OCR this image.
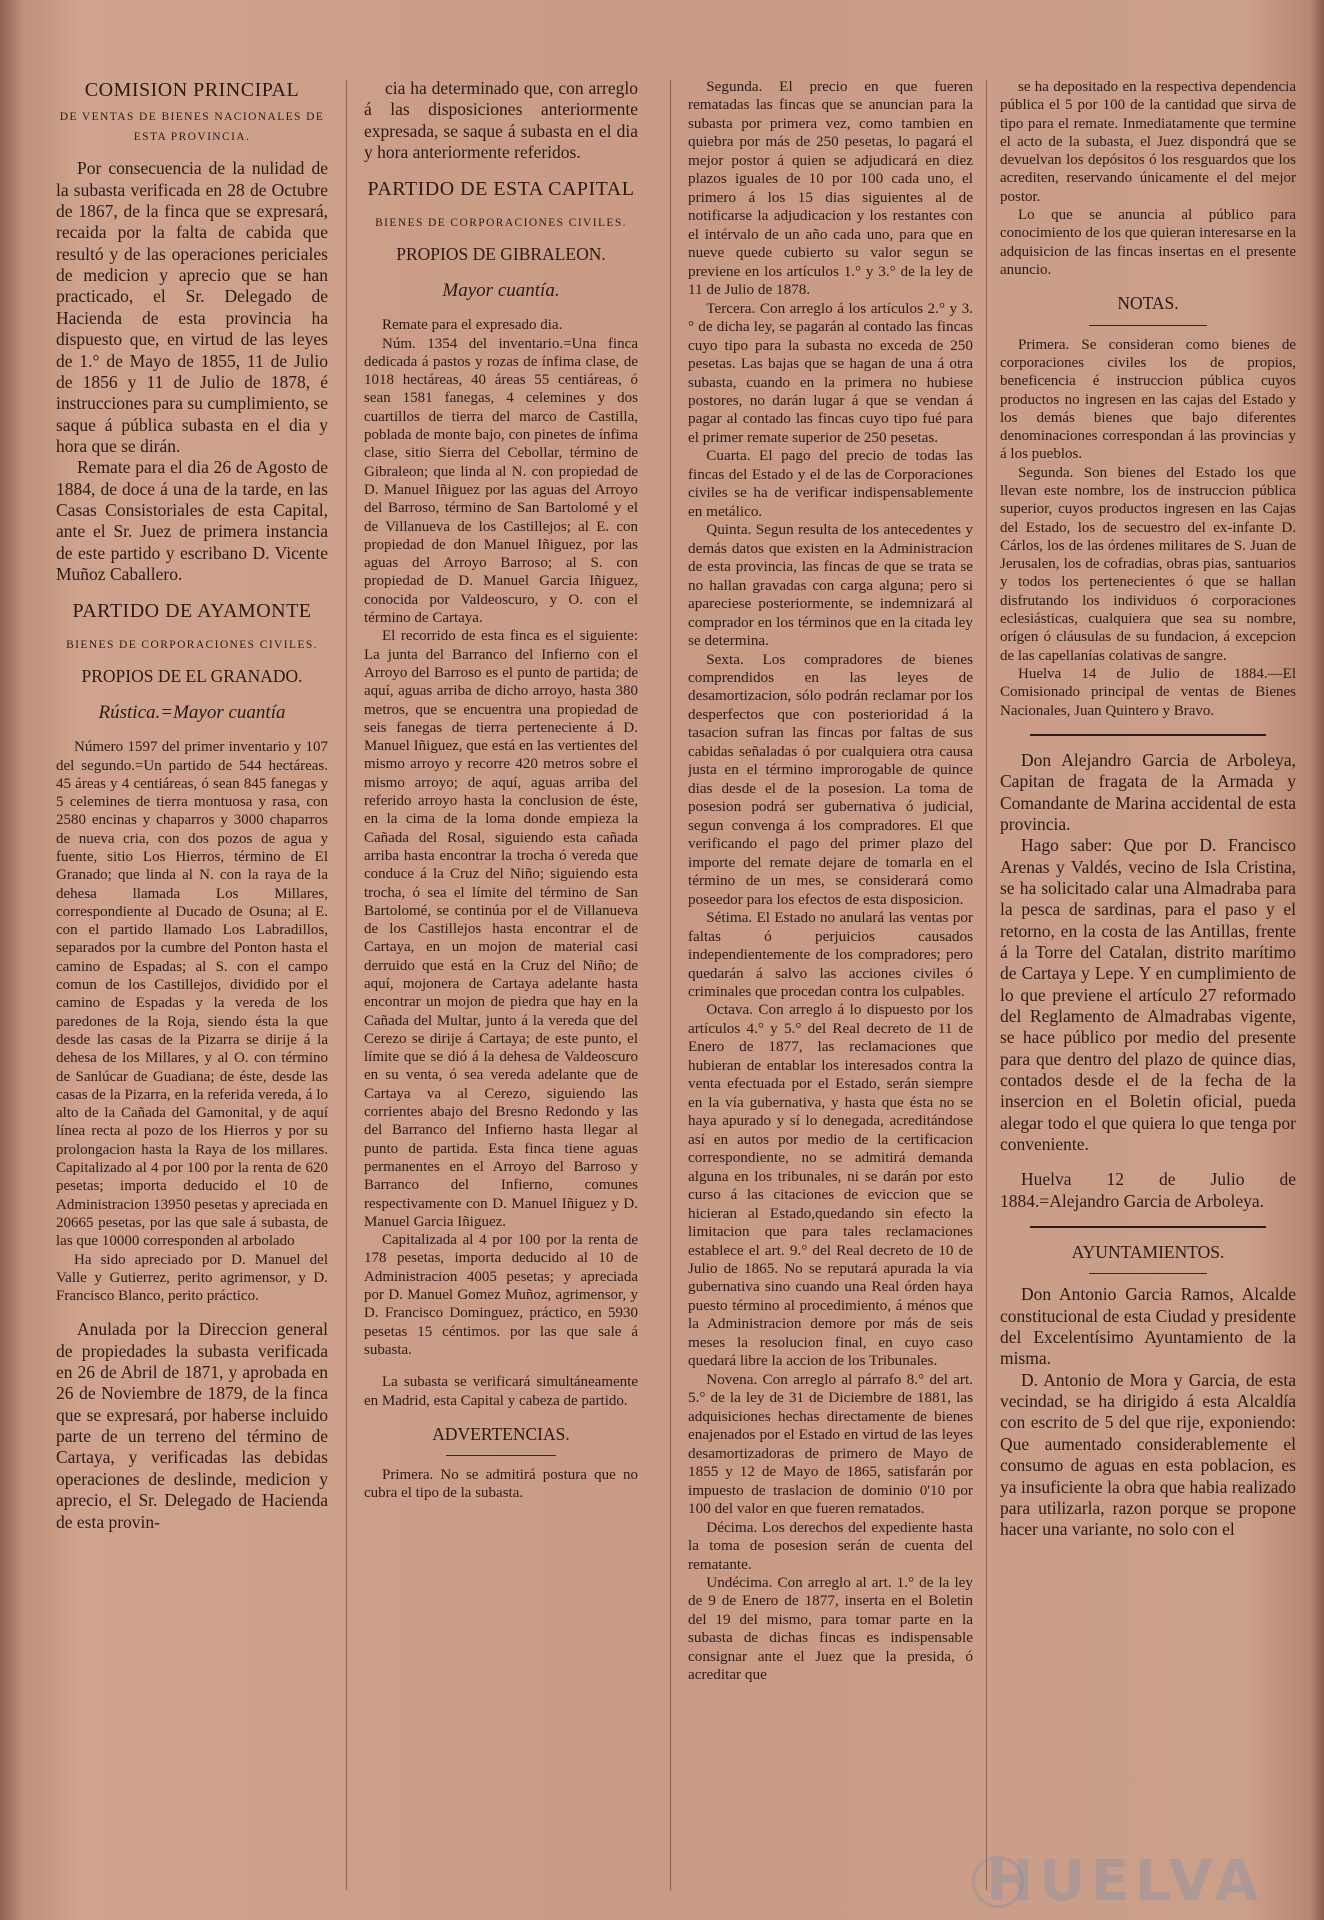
COMISION PRINCIPAL

DE VENTAS DE BIENES NACIONALES DE

ESTA PROVINCIA.

Por consecuencia de la nulidad de la subasta verificada en 28 de Octubre de 1867, de la finca que se expresará, recaida por la falta de cabida que resultó y de las operaciones periciales de medicion y aprecio que se han practicado, el Sr. Delegado de Hacienda de esta provincia ha dispuesto que, en virtud de las leyes de 1.° de Mayo de 1855, 11 de Julio de 1856 y 11 de Julio de 1878, é instrucciones para su cumplimiento, se saque á pública subasta en el dia y hora que se dirán.

Remate para el dia 26 de Agosto de 1884, de doce á una de la tarde, en las Casas Consistoriales de esta Capital, ante el Sr. Juez de primera instancia de este partido y escribano D. Vicente Muñoz Caballero.

PARTIDO DE AYAMONTE

BIENES DE CORPORACIONES CIVILES.

PROPIOS DE EL GRANADO.

Rústica.=Mayor cuantía

Número 1597 del primer inventario y 107 del segundo.=Un partido de 544 hectáreas. 45 áreas y 4 centiáreas, ó sean 845 fanegas y 5 celemines de tierra montuosa y rasa, con 2580 encinas y chaparros y 3000 chaparros de nueva cria, con dos pozos de agua y fuente, sitio Los Hierros, término de El Granado; que linda al N. con la raya de la dehesa llamada Los Millares, correspondiente al Ducado de Osuna; al E. con el partido llamado Los Labradillos, separados por la cumbre del Ponton hasta el camino de Espadas; al S. con el campo comun de los Castillejos, dividido por el camino de Espadas y la vereda de los paredones de la Roja, siendo ésta la que desde las casas de la Pizarra se dirije á la dehesa de los Millares, y al O. con término de Sanlúcar de Guadiana; de éste, desde las casas de la Pizarra, en la referida vereda, á lo alto de la Cañada del Gamonital, y de aquí línea recta al pozo de los Hierros y por su prolongacion hasta la Raya de los millares. Capitalizado al 4 por 100 por la renta de 620 pesetas; importa deducido el 10 de Administracion 13950 pesetas y apreciada en 20665 pesetas, por las que sale á subasta, de las que 10000 corresponden al arbolado

Ha sido apreciado por D. Manuel del Valle y Gutierrez, perito agrimensor, y D. Francisco Blanco, perito práctico.

Anulada por la Direccion general de propiedades la subasta verificada en 26 de Abril de 1871, y aprobada en 26 de Noviembre de 1879, de la finca que se expresará, por haberse incluido parte de un terreno del término de Cartaya, y verificadas las debidas operaciones de deslinde, medicion y aprecio, el Sr. Delegado de Hacienda de esta provin-

cia ha determinado que, con arreglo á las disposiciones anteriormente expresada, se saque á subasta en el dia y hora anteriormente referidos.

PARTIDO DE ESTA CAPITAL

BIENES DE CORPORACIONES CIVILES.

PROPIOS DE GIBRALEON.

Mayor cuantía.

Remate para el expresado dia.

Núm. 1354 del inventario.=Una finca dedicada á pastos y rozas de ínfima clase, de 1018 hectáreas, 40 áreas 55 centiáreas, ó sean 1581 fanegas, 4 celemines y dos cuartillos de tierra del marco de Castilla, poblada de monte bajo, con pinetes de ínfima clase, sitio Sierra del Cebollar, término de Gibraleon; que linda al N. con propiedad de D. Manuel Iñiguez por las aguas del Arroyo del Barroso, término de San Bartolomé y el de Villanueva de los Castillejos; al E. con propiedad de don Manuel Iñiguez, por las aguas del Arroyo Barroso; al S. con propiedad de D. Manuel Garcia Iñiguez, conocida por Valdeoscuro, y O. con el término de Cartaya.

El recorrido de esta finca es el siguiente: La junta del Barranco del Infierno con el Arroyo del Barroso es el punto de partida; de aquí, aguas arriba de dicho arroyo, hasta 380 metros, que se encuentra una propiedad de seis fanegas de tierra perteneciente á D. Manuel Iñiguez, que está en las vertientes del mismo arroyo y recorre 420 metros sobre el mismo arroyo; de aquí, aguas arriba del referido arroyo hasta la conclusion de éste, en la cima de la loma donde empieza la Cañada del Rosal, siguiendo esta cañada arriba hasta encontrar la trocha ó vereda que conduce á la Cruz del Niño; siguiendo esta trocha, ó sea el límite del término de San Bartolomé, se continúa por el de Villanueva de los Castillejos hasta encontrar el de Cartaya, en un mojon de material casi derruido que está en la Cruz del Niño; de aquí, mojonera de Cartaya adelante hasta encontrar un mojon de piedra que hay en la Cañada del Multar, junto á la vereda que del Cerezo se dirije á Cartaya; de este punto, el límite que se dió á la dehesa de Valdeoscuro en su venta, ó sea vereda adelante que de Cartaya va al Cerezo, siguiendo las corrientes abajo del Bresno Redondo y las del Barranco del Infierno hasta llegar al punto de partida. Esta finca tiene aguas permanentes en el Arroyo del Barroso y Barranco del Infierno, comunes respectivamente con D. Manuel Iñiguez y D. Manuel Garcia Iñiguez.

Capitalizada al 4 por 100 por la renta de 178 pesetas, importa deducido al 10 de Administracion 4005 pesetas; y apreciada por D. Manuel Gomez Muñoz, agrimensor, y D. Francisco Dominguez, práctico, en 5930 pesetas 15 céntimos. por las que sale á subasta.

La subasta se verificará simultáneamente en Madrid, esta Capital y cabeza de partido.

ADVERTENCIAS.

Primera. No se admitirá postura que no cubra el tipo de la subasta.

Segunda. El precio en que fueren rematadas las fincas que se anuncian para la subasta por primera vez, como tambien en quiebra por más de 250 pesetas, lo pagará el mejor postor á quien se adjudicará en diez plazos iguales de 10 por 100 cada uno, el primero á los 15 dias siguientes al de notificarse la adjudicacion y los restantes con el intérvalo de un año cada uno, para que en nueve quede cubierto su valor segun se previene en los artículos 1.° y 3.° de la ley de 11 de Julio de 1878.

Tercera. Con arreglo á los artículos 2.° y 3.° de dicha ley, se pagarán al contado las fincas cuyo tipo para la subasta no exceda de 250 pesetas. Las bajas que se hagan de una á otra subasta, cuando en la primera no hubiese postores, no darán lugar á que se vendan á pagar al contado las fincas cuyo tipo fué para el primer remate superior de 250 pesetas.

Cuarta. El pago del precio de todas las fincas del Estado y el de las de Corporaciones civiles se ha de verificar indispensablemente en metálico.

Quinta. Segun resulta de los antecedentes y demás datos que existen en la Administracion de esta provincia, las fincas de que se trata se no hallan gravadas con carga alguna; pero si apareciese posteriormente, se indemnizará al comprador en los términos que en la citada ley se determina.

Sexta. Los compradores de bienes comprendidos en las leyes de desamortizacion, sólo podrán reclamar por los desperfectos que con posterioridad á la tasacion sufran las fincas por faltas de sus cabidas señaladas ó por cualquiera otra causa justa en el término improrogable de quince dias desde el de la posesion. La toma de posesion podrá ser gubernativa ó judicial, segun convenga á los compradores. El que verificando el pago del primer plazo del importe del remate dejare de tomarla en el término de un mes, se considerará como poseedor para los efectos de esta disposicion.

Sétima. El Estado no anulará las ventas por faltas ó perjuicios causados independientemente de los compradores; pero quedarán á salvo las acciones civiles ó criminales que procedan contra los culpables.

Octava. Con arreglo á lo dispuesto por los artículos 4.° y 5.° del Real decreto de 11 de Enero de 1877, las reclamaciones que hubieran de entablar los interesados contra la venta efectuada por el Estado, serán siempre en la vía gubernativa, y hasta que ésta no se haya apurado y sí lo denegada, acreditándose así en autos por medio de la certificacion correspondiente, no se admitirá demanda alguna en los tribunales, ni se darán por esto curso á las citaciones de eviccion que se hicieran al Estado,quedando sin efecto la limitacion que para tales reclamaciones establece el art. 9.° del Real decreto de 10 de Julio de 1865. No se reputará apurada la via gubernativa sino cuando una Real órden haya puesto término al procedimiento, á ménos que la Administracion demore por más de seis meses la resolucion final, en cuyo caso quedará libre la accion de los Tribunales.

Novena. Con arreglo al párrafo 8.° del art. 5.° de la ley de 31 de Diciembre de 1881, las adquisiciones hechas directamente de bienes enajenados por el Estado en virtud de las leyes desamortizadoras de primero de Mayo de 1855 y 12 de Mayo de 1865, satisfarán por impuesto de traslacion de dominio 0'10 por 100 del valor en que fueren rematados.

Décima. Los derechos del expediente hasta la toma de posesion serán de cuenta del rematante.

Undécima. Con arreglo al art. 1.° de la ley de 9 de Enero de 1877, inserta en el Boletin del 19 del mismo, para tomar parte en la subasta de dichas fincas es indispensable consignar ante el Juez que la presida, ó acreditar que

se ha depositado en la respectiva dependencia pública el 5 por 100 de la cantidad que sirva de tipo para el remate. Inmediatamente que termine el acto de la subasta, el Juez dispondrá que se devuelvan los depósitos ó los resguardos que los acrediten, reservando únicamente el del mejor postor.

Lo que se anuncia al público para conocimiento de los que quieran interesarse en la adquisicion de las fincas insertas en el presente anuncio.

NOTAS.

Primera. Se consideran como bienes de corporaciones civiles los de propios, beneficencia é instruccion pública cuyos productos no ingresen en las cajas del Estado y los demás bienes que bajo diferentes denominaciones correspondan á las provincias y á los pueblos.

Segunda. Son bienes del Estado los que llevan este nombre, los de instruccion pública superior, cuyos productos ingresen en las Cajas del Estado, los de secuestro del ex-infante D. Cárlos, los de las órdenes militares de S. Juan de Jerusalen, los de cofradias, obras pias, santuarios y todos los pertenecientes ó que se hallan disfrutando los individuos ó corporaciones eclesiásticas, cualquiera que sea su nombre, orígen ó cláusulas de su fundacion, á excepcion de las capellanías colativas de sangre.

Huelva 14 de Julio de 1884.—El Comisionado principal de ventas de Bienes Nacionales, Juan Quintero y Bravo.

Don Alejandro Garcia de Arboleya, Capitan de fragata de la Armada y Comandante de Marina accidental de esta provincia.

Hago saber: Que por D. Francisco Arenas y Valdés, vecino de Isla Cristina, se ha solicitado calar una Almadraba para la pesca de sardinas, para el paso y el retorno, en la costa de las Antillas, frente á la Torre del Catalan, distrito marítimo de Cartaya y Lepe. Y en cumplimiento de lo que previene el artículo 27 reformado del Reglamento de Almadrabas vigente, se hace público por medio del presente para que dentro del plazo de quince dias, contados desde el de la fecha de la insercion en el Boletin oficial, pueda alegar todo el que quiera lo que tenga por conveniente.

Huelva 12 de Julio de 1884.=Alejandro Garcia de Arboleya.

AYUNTAMIENTOS.

Don Antonio Garcia Ramos, Alcalde constitucional de esta Ciudad y presidente del Excelentísimo Ayuntamiento de la misma.

D. Antonio de Mora y Garcia, de esta vecindad, se ha dirigido á esta Alcaldía con escrito de 5 del que rije, exponiendo: Que aumentado considerablemente el consumo de aguas en esta poblacion, es ya insuficiente la obra que habia realizado para utilizarla, razon porque se propone hacer una variante, no solo con el

HUELVA
